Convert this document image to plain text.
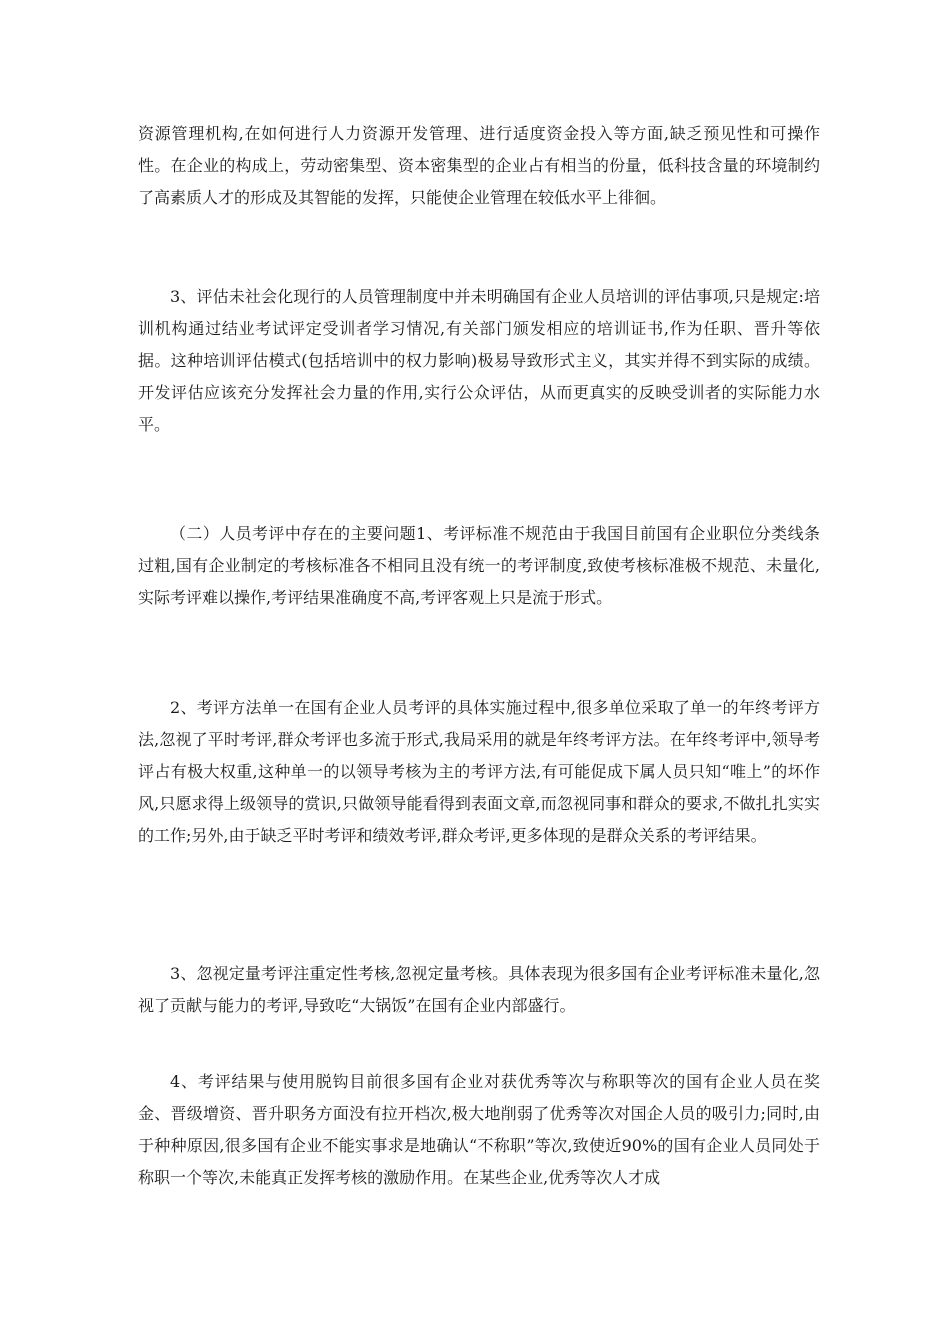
资源管理机构,在如何进行人力资源开发管理、进行适度资金投入等方面,缺乏预见性和可操作性。在企业的构成上，劳动密集型、资本密集型的企业占有相当的份量，低科技含量的环境制约了高素质人才的形成及其智能的发挥，只能使企业管理在较低水平上徘徊。

3、评估未社会化现行的人员管理制度中并未明确国有企业人员培训的评估事项,只是规定:培训机构通过结业考试评定受训者学习情况,有关部门颁发相应的培训证书,作为任职、晋升等依据。这种培训评估模式(包括培训中的权力影响)极易导致形式主义，其实并得不到实际的成绩。开发评估应该充分发挥社会力量的作用,实行公众评估，从而更真实的反映受训者的实际能力水平。

（二）人员考评中存在的主要问题1、考评标准不规范由于我国目前国有企业职位分类线条过粗,国有企业制定的考核标准各不相同且没有统一的考评制度,致使考核标准极不规范、未量化,实际考评难以操作,考评结果准确度不高,考评客观上只是流于形式。

2、考评方法单一在国有企业人员考评的具体实施过程中,很多单位采取了单一的年终考评方法,忽视了平时考评,群众考评也多流于形式,我局采用的就是年终考评方法。在年终考评中,领导考评占有极大权重,这种单一的以领导考核为主的考评方法,有可能促成下属人员只知“唯上”的坏作风,只愿求得上级领导的赏识,只做领导能看得到表面文章,而忽视同事和群众的要求,不做扎扎实实的工作;另外,由于缺乏平时考评和绩效考评,群众考评,更多体现的是群众关系的考评结果。

3、忽视定量考评注重定性考核,忽视定量考核。具体表现为很多国有企业考评标准未量化,忽视了贡献与能力的考评,导致吃“大锅饭”在国有企业内部盛行。

4、考评结果与使用脱钩目前很多国有企业对获优秀等次与称职等次的国有企业人员在奖金、晋级增资、晋升职务方面没有拉开档次,极大地削弱了优秀等次对国企人员的吸引力;同时,由于种种原因,很多国有企业不能实事求是地确认“不称职”等次,致使近90%的国有企业人员同处于称职一个等次,未能真正发挥考核的激励作用。在某些企业,优秀等次人才成
